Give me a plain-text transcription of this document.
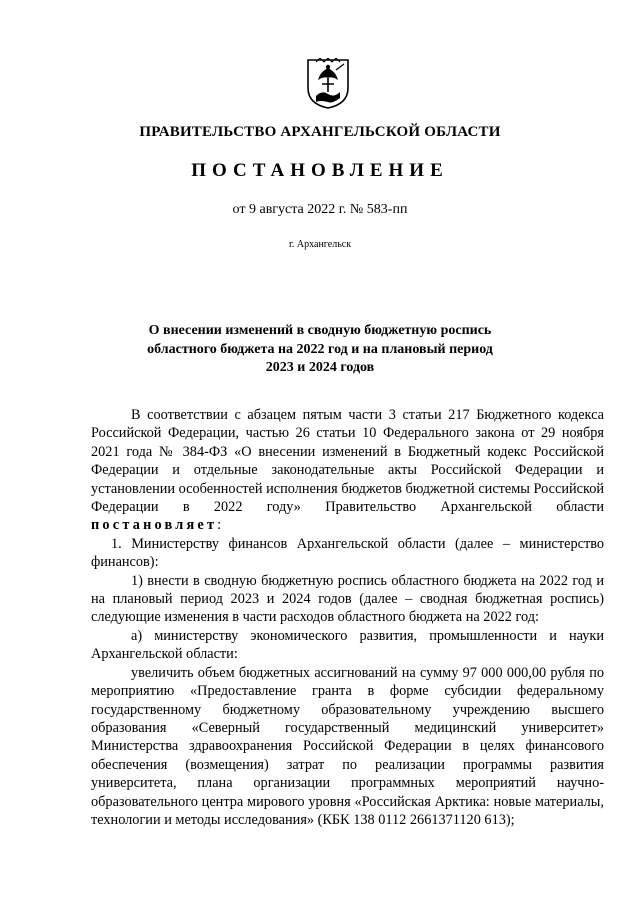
ПРАВИТЕЛЬСТВО АРХАНГЕЛЬСКОЙ ОБЛАСТИ
ПОСТАНОВЛЕНИЕ
от 9 августа 2022 г. № 583-пп
г. Архангельск
О внесении изменений в сводную бюджетную роспись
областного бюджета на 2022 год и на плановый период
2023 и 2024 годов

В соответствии с абзацем пятым части 3 статьи 217 Бюджетного кодекса Российской Федерации, частью 26 статьи 10 Федерального закона от 29 ноября 2021 года № 384-ФЗ «О внесении изменений в Бюджетный кодекс Российской Федерации и отдельные законодательные акты Российской Федерации и установлении особенностей исполнения бюджетов бюджетной системы Российской Федерации в 2022 году» Правительство Архангельской области постановляет:

1. Министерству финансов Архангельской области (далее – министерство финансов):

1) внести в сводную бюджетную роспись областного бюджета на 2022 год и на плановый период 2023 и 2024 годов (далее – сводная бюджетная роспись) следующие изменения в части расходов областного бюджета на 2022 год:

а) министерству экономического развития, промышленности и науки Архангельской области:

увеличить объем бюджетных ассигнований на сумму 97 000 000,00 рубля по мероприятию «Предоставление гранта в форме субсидии федеральному государственному бюджетному образовательному учреждению высшего образования «Северный государственный медицинский университет» Министерства здравоохранения Российской Федерации в целях финансового обеспечения (возмещения) затрат по реализации программы развития университета, плана организации программных мероприятий научно-образовательного центра мирового уровня «Российская Арктика: новые материалы, технологии и методы исследования» (КБК 138 0112 2661371120 613);
